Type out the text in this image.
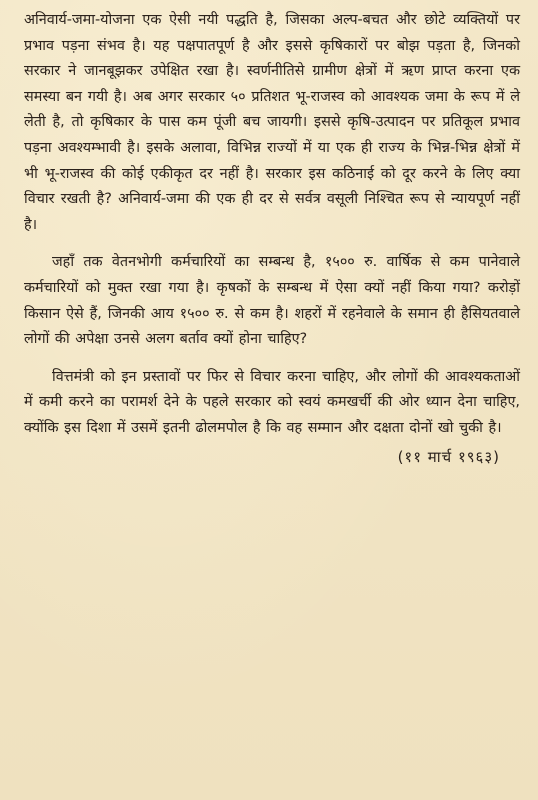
अनिवार्य-जमा-योजना एक ऐसी नयी पद्धति है, जिसका अल्प-बचत और छोटे व्यक्तियों पर प्रभाव पड़ना संभव है। यह पक्षपातपूर्ण है और इससे कृषिकारों पर बोझ पड़ता है, जिनको सरकार ने जानबूझकर उपेक्षित रखा है। स्वर्णनीतिसे ग्रामीण क्षेत्रों में ऋण प्राप्त करना एक समस्या बन गयी है। अब अगर सरकार ५० प्रतिशत भू-राजस्व को आवश्यक जमा के रूप में ले लेती है, तो कृषिकार के पास कम पूंजी बच जायगी। इससे कृषि-उत्पादन पर प्रतिकूल प्रभाव पड़ना अवश्यम्भावी है। इसके अलावा, विभिन्न राज्यों में या एक ही राज्य के भिन्न-भिन्न क्षेत्रों में भी भू-राजस्व की कोई एकीकृत दर नहीं है। सरकार इस कठिनाई को दूर करने के लिए क्या विचार रखती है? अनिवार्य-जमा की एक ही दर से सर्वत्र वसूली निश्चित रूप से न्यायपूर्ण नहीं है।

जहाँ तक वेतनभोगी कर्मचारियों का सम्बन्ध है, १५०० रु. वार्षिक से कम पानेवाले कर्मचारियों को मुक्त रखा गया है। कृषकों के सम्बन्ध में ऐसा क्यों नहीं किया गया? करोड़ों किसान ऐसे हैं, जिनकी आय १५०० रु. से कम है। शहरों में रहनेवाले के समान ही हैसियतवाले लोगों की अपेक्षा उनसे अलग बर्ताव क्यों होना चाहिए?

वित्तमंत्री को इन प्रस्तावों पर फिर से विचार करना चाहिए, और लोगों की आवश्यकताओं में कमी करने का परामर्श देने के पहले सरकार को स्वयं कमखर्ची की ओर ध्यान देना चाहिए, क्योंकि इस दिशा में उसमें इतनी ढोलमपोल है कि वह सम्मान और दक्षता दोनों खो चुकी है।

(११ मार्च १९६३)
